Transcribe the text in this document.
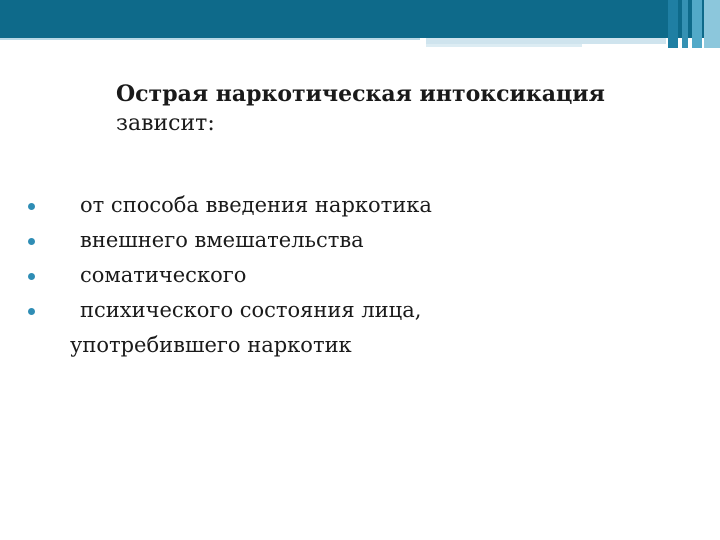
Острая наркотическая интоксикация зависит:
от способа введения наркотика
внешнего вмешательства
соматического
психического состояния лица,
употребившего наркотик
